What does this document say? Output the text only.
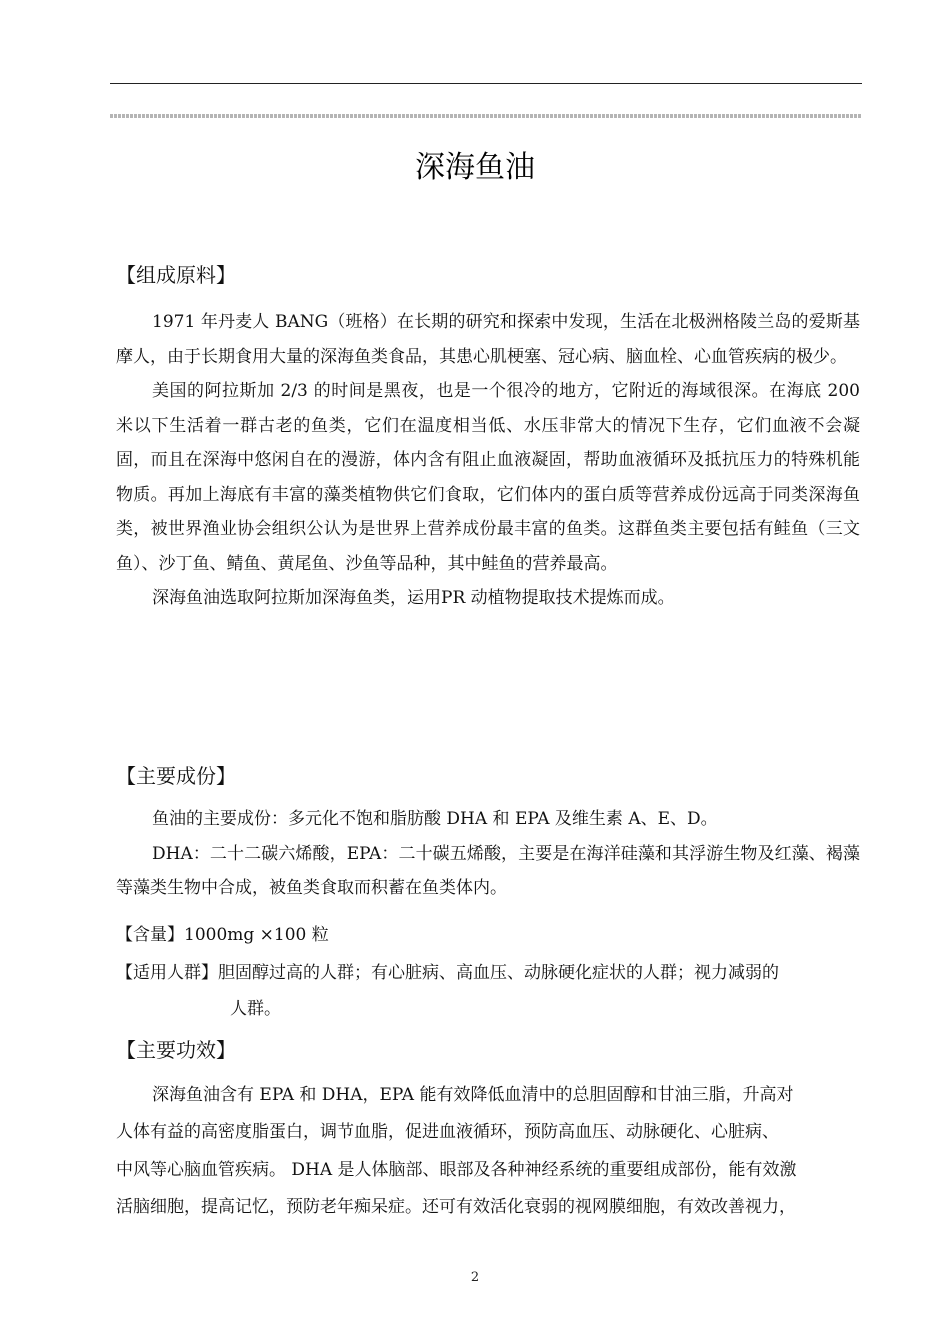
深海鱼油
【组成原料】

1971 年丹麦人 BANG（班格）在长期的研究和探索中发现，生活在北极洲格陵兰岛的爱斯基摩人，由于长期食用大量的深海鱼类食品，其患心肌梗塞、冠心病、脑血栓、心血管疾病的极少。

美国的阿拉斯加 2/3 的时间是黑夜，也是一个很冷的地方，它附近的海域很深。在海底 200 米以下生活着一群古老的鱼类，它们在温度相当低、水压非常大的情况下生存，它们血液不会凝固，而且在深海中悠闲自在的漫游，体内含有阻止血液凝固，帮助血液循环及抵抗压力的特殊机能物质。再加上海底有丰富的藻类植物供它们食取，它们体内的蛋白质等营养成份远高于同类深海鱼类，被世界渔业协会组织公认为是世界上营养成份最丰富的鱼类。这群鱼类主要包括有鲑鱼（三文鱼）、沙丁鱼、鲭鱼、黄尾鱼、沙鱼等品种，其中鲑鱼的营养最高。

深海鱼油选取阿拉斯加深海鱼类，运用PR 动植物提取技术提炼而成。

【主要成份】

鱼油的主要成份：多元化不饱和脂肪酸 DHA 和 EPA 及维生素 A、E、D。

DHA：二十二碳六烯酸，EPA：二十碳五烯酸，主要是在海洋硅藻和其浮游生物及红藻、褐藻等藻类生物中合成，被鱼类食取而积蓄在鱼类体内。

【含量】1000mg ×100 粒
【适用人群】胆固醇过高的人群；有心脏病、高血压、动脉硬化症状的人群；视力减弱的
人群。
【主要功效】
深海鱼油含有 EPA 和 DHA，EPA 能有效降低血清中的总胆固醇和甘油三脂，升高对
人体有益的高密度脂蛋白，调节血脂，促进血液循环，预防高血压、动脉硬化、心脏病、
中风等心脑血管疾病。 DHA 是人体脑部、眼部及各种神经系统的重要组成部份，能有效激
活脑细胞，提高记忆，预防老年痴呆症。还可有效活化衰弱的视网膜细胞，有效改善视力，
2
